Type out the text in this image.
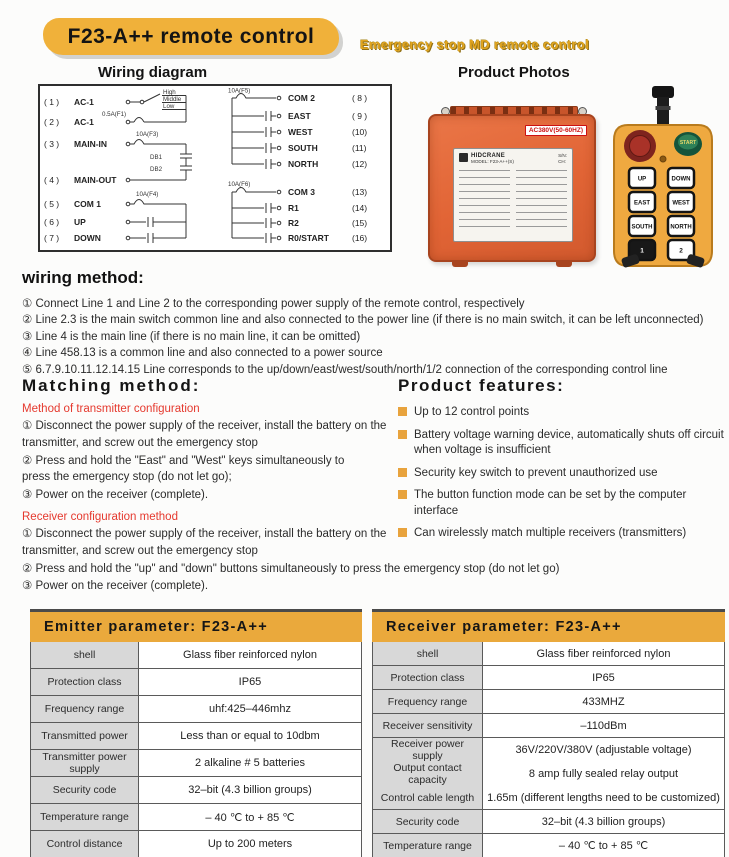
F23-A++ remote control	Emergency stop MD remote control
Wiring diagram	Product Photos
( 1 ) AC-1
( 2 ) AC-1
( 3 ) MAIN-IN
( 4 ) MAIN-OUT
( 5 ) COM 1
( 6 ) UP
( 7 ) DOWN
High
Middle
Low
0.5A(F1)
10A(F3)
DB1
DB2
10A(F4)
10A(F5)
10A(F6)
COM 2	( 8 )
EAST	( 9 )
WEST	(10)
SOUTH	(11)
NORTH	(12)
COM 3	(13)
R1	(14)
R2	(15)
R0/START	(16)
AC380V(50-60HZ)
HIDCRANE
MODEL: F23-A++(S)
S/N:
CH:
START
UP	DOWN
EAST	WEST
SOUTH	NORTH
1	2
wiring method:

① Connect Line 1 and Line 2 to the corresponding power supply of the remote control, respectively

② Line 2.3 is the main switch common line and also connected to the power line (if there is no main switch, it can be left unconnected)

③ Line 4 is the main line (if there is no main line, it can be omitted)

④ Line 458.13 is a common line and also connected to a power source

⑤ 6.7.9.10.11.12.14.15 Line corresponds to the up/down/east/west/south/north/1/2 connection of the corresponding control line

Matching method:
Method of transmitter configuration

① Disconnect the power supply of the receiver, install the battery on the transmitter, and screw out the emergency stop

② Press and hold the "East" and "West" keys simultaneously to press the emergency stop (do not let go);

③ Power on the receiver (complete).

Receiver configuration method

① Disconnect the power supply of the receiver, install the battery on the transmitter, and screw out the emergency stop

② Press and hold the "up" and "down" buttons simultaneously to press the emergency stop (do not let go)

③ Power on the receiver (complete).

Product features:
Up to 12 control points
Battery voltage warning device, automatically shuts off circuit when voltage is insufficient
Security key switch to prevent unauthorized use
The button function mode can be set by the computer interface
Can wirelessly match multiple receivers (transmitters)
Emitter parameter: F23-A++
shell	Glass fiber reinforced nylon
Protection class	IP65
Frequency range	uhf:425–446mhz
Transmitted power	Less than or equal to 10dbm
Transmitter power supply	2 alkaline # 5 batteries
Security code	32–bit (4.3 billion groups)
Temperature range	– 40 ℃ to + 85 ℃
Control distance	Up to 200 meters
Receiver parameter: F23-A++
shell	Glass fiber reinforced nylon
Protection class	IP65
Frequency range	433MHZ
Receiver sensitivity	–110dBm
Receiver power supply	36V/220V/380V (adjustable voltage)
Output contact capacity	8 amp fully sealed relay output
Control cable length	1.65m (different lengths need to be customized)
Security code	32–bit (4.3 billion groups)
Temperature range	– 40 ℃ to + 85 ℃
